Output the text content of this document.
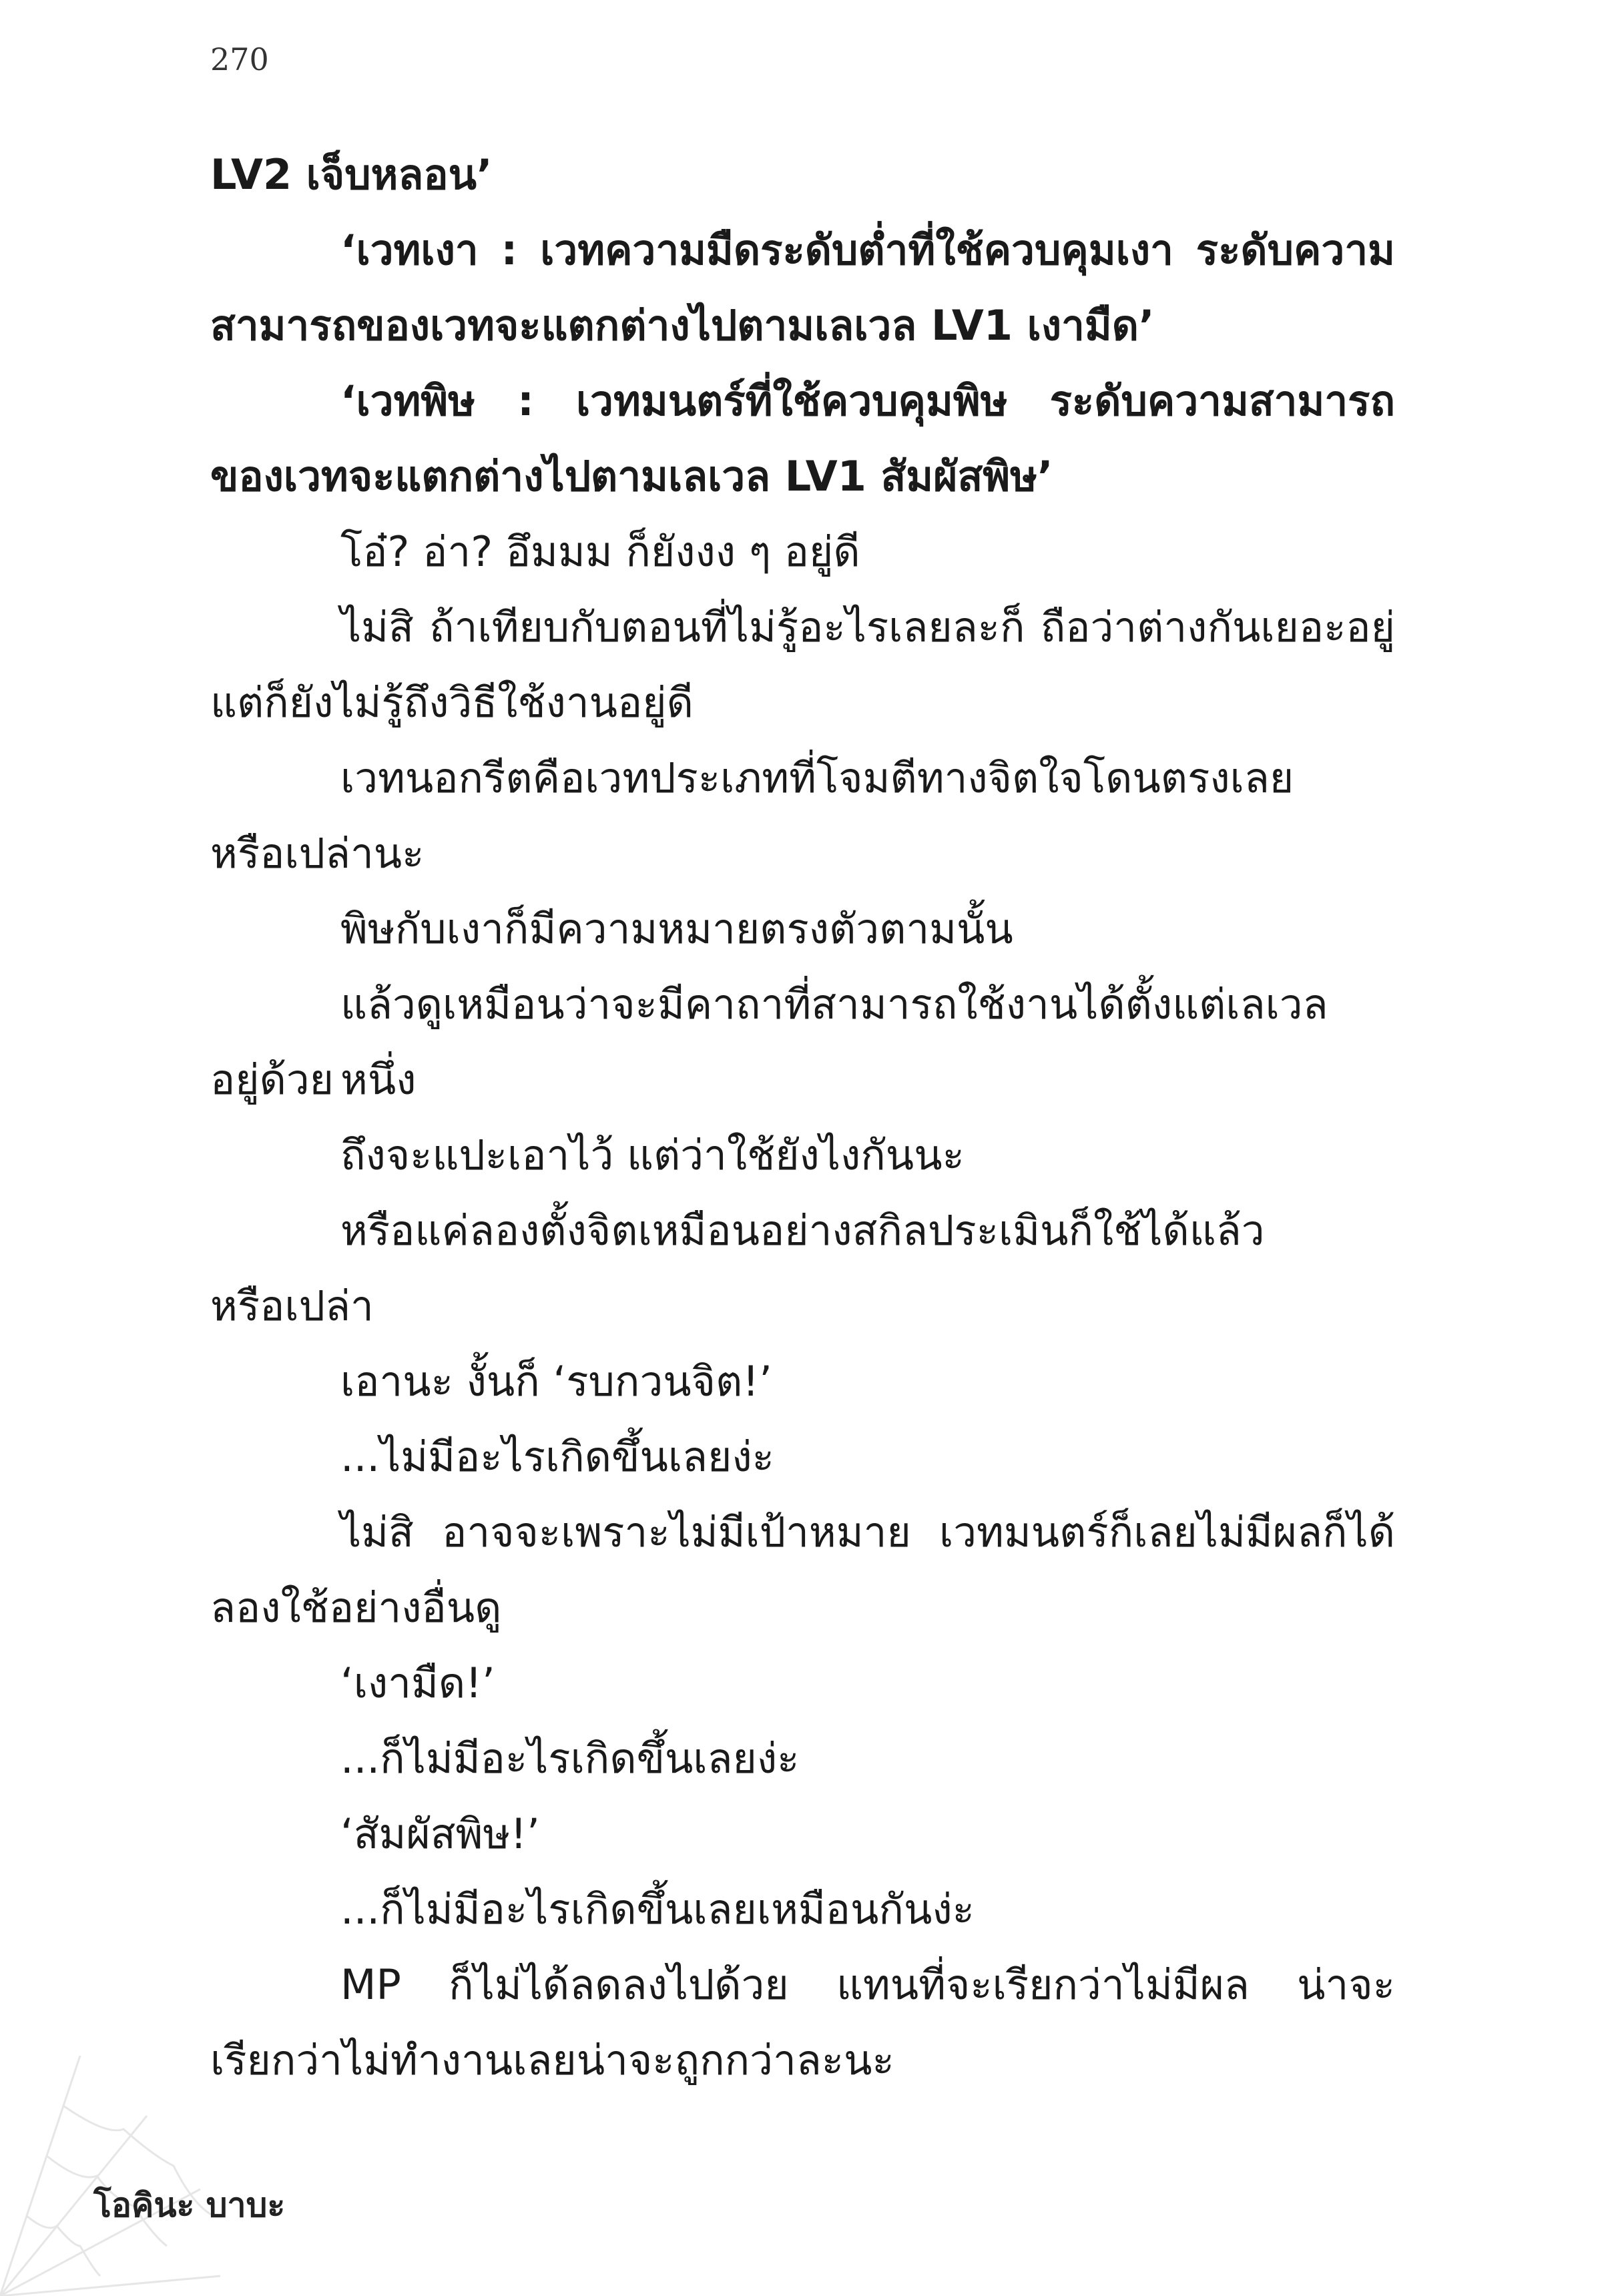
270
LV2 เจ็บหลอน’
‘เวทเงา : เวทความมืดระดับต่ำที่ใช้ควบคุมเงา ระดับความ
สามารถของเวทจะแตกต่างไปตามเลเวล LV1 เงามืด’
‘เวทพิษ : เวทมนตร์ที่ใช้ควบคุมพิษ ระดับความสามารถ
ของเวทจะแตกต่างไปตามเลเวล LV1 สัมผัสพิษ’
โอ๋? อ่า? อึมมม ก็ยังงง ๆ อยู่ดี
ไม่สิ ถ้าเทียบกับตอนที่ไม่รู้อะไรเลยละก็ ถือว่าต่างกันเยอะอยู่
แต่ก็ยังไม่รู้ถึงวิธีใช้งานอยู่ดี
เวทนอกรีตคือเวทประเภทที่โจมตีทางจิตใจโดนตรงเลย
หรือเปล่านะ
พิษกับเงาก็มีความหมายตรงตัวตามนั้น
แล้วดูเหมือนว่าจะมีคาถาที่สามารถใช้งานได้ตั้งแต่เลเวลหนึ่ง
อยู่ด้วย
ถึงจะแปะเอาไว้ แต่ว่าใช้ยังไงกันนะ
หรือแค่ลองตั้งจิตเหมือนอย่างสกิลประเมินก็ใช้ได้แล้ว
หรือเปล่า
เอานะ งั้นก็ ‘รบกวนจิต!’
...ไม่มีอะไรเกิดขึ้นเลยง่ะ
ไม่สิ อาจจะเพราะไม่มีเป้าหมาย เวทมนตร์ก็เลยไม่มีผลก็ได้
ลองใช้อย่างอื่นดู
‘เงามืด!’
...ก็ไม่มีอะไรเกิดขึ้นเลยง่ะ
‘สัมผัสพิษ!’
...ก็ไม่มีอะไรเกิดขึ้นเลยเหมือนกันง่ะ
MP ก็ไม่ได้ลดลงไปด้วย แทนที่จะเรียกว่าไม่มีผล น่าจะ
เรียกว่าไม่ทำงานเลยน่าจะถูกกว่าละนะ
โอคินะ บาบะ
